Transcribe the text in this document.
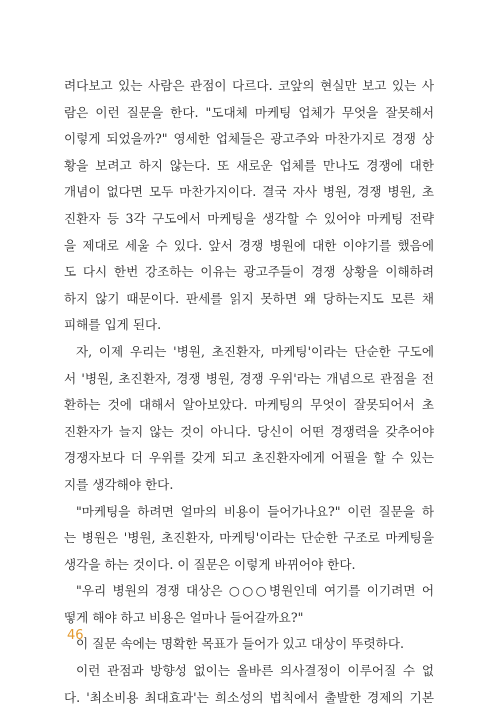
려다보고 있는 사람은 관점이 다르다. 코앞의 현실만 보고 있는 사
람은 이런 질문을 한다. "도대체 마케팅 업체가 무엇을 잘못해서
이렇게 되었을까?" 영세한 업체들은 광고주와 마찬가지로 경쟁 상
황을 보려고 하지 않는다. 또 새로운 업체를 만나도 경쟁에 대한
개념이 없다면 모두 마찬가지이다. 결국 자사 병원, 경쟁 병원, 초
진환자 등 3각 구도에서 마케팅을 생각할 수 있어야 마케팅 전략
을 제대로 세울 수 있다. 앞서 경쟁 병원에 대한 이야기를 했음에
도 다시 한번 강조하는 이유는 광고주들이 경쟁 상황을 이해하려
하지 않기 때문이다. 판세를 읽지 못하면 왜 당하는지도 모른 채
피해를 입게 된다.
자, 이제 우리는 '병원, 초진환자, 마케팅'이라는 단순한 구도에
서 '병원, 초진환자, 경쟁 병원, 경쟁 우위'라는 개념으로 관점을 전
환하는 것에 대해서 알아보았다. 마케팅의 무엇이 잘못되어서 초
진환자가 늘지 않는 것이 아니다. 당신이 어떤 경쟁력을 갖추어야
경쟁자보다 더 우위를 갖게 되고 초진환자에게 어필을 할 수 있는
지를 생각해야 한다.
"마케팅을 하려면 얼마의 비용이 들어가나요?" 이런 질문을 하
는 병원은 '병원, 초진환자, 마케팅'이라는 단순한 구조로 마케팅을
생각을 하는 것이다. 이 질문은 이렇게 바뀌어야 한다.
"우리 병원의 경쟁 대상은 ○○○병원인데 여기를 이기려면 어
떻게 해야 하고 비용은 얼마나 들어갈까요?"
이 질문 속에는 명확한 목표가 들어가 있고 대상이 뚜렷하다.
이런 관점과 방향성 없이는 올바른 의사결정이 이루어질 수 없
다. '최소비용 최대효과'는 희소성의 법칙에서 출발한 경제의 기본
46
